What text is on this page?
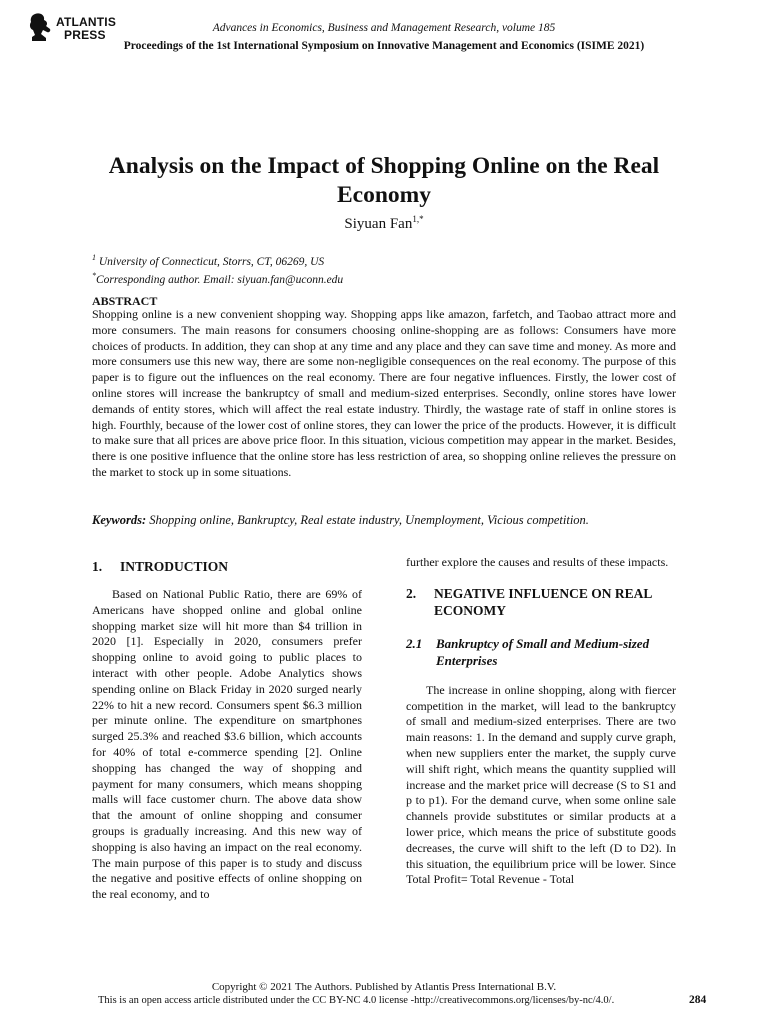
ATLANTIS
PRESS	Advances in Economics, Business and Management Research, volume 185
Proceedings of the 1st International Symposium on Innovative Management and Economics (ISIME 2021)
Analysis on the Impact of Shopping Online on the Real Economy
Siyuan Fan$^{1,*}$
$^1$ University of Connecticut, Storrs, CT, 06269, US
*Corresponding author. Email: siyuan.fan@uconn.edu
ABSTRACT

Shopping online is a new convenient shopping way. Shopping apps like amazon, farfetch, and Taobao attract more and more consumers. The main reasons for consumers choosing online-shopping are as follows: Consumers have more choices of products. In addition, they can shop at any time and any place and they can save time and money. As more and more consumers use this new way, there are some non-negligible consequences on the real economy. The purpose of this paper is to figure out the influences on the real economy. There are four negative influences. Firstly, the lower cost of online stores will increase the bankruptcy of small and medium-sized enterprises. Secondly, online stores have lower demands of entity stores, which will affect the real estate industry. Thirdly, the wastage rate of staff in online stores is high. Fourthly, because of the lower cost of online stores, they can lower the price of the products. However, it is difficult to make sure that all prices are above price floor. In this situation, vicious competition may appear in the market. Besides, there is one positive influence that the online store has less restriction of area, so shopping online relieves the pressure on the market to stock up in some situations.

Keywords: Shopping online, Bankruptcy, Real estate industry, Unemployment, Vicious competition.
1.	INTRODUCTION

Based on National Public Ratio, there are 69% of Americans have shopped online and global online shopping market size will hit more than $4 trillion in 2020 [1]. Especially in 2020, consumers prefer shopping online to avoid going to public places to interact with other people. Adobe Analytics shows spending online on Black Friday in 2020 surged nearly 22% to hit a new record. Consumers spent $6.3 million per minute online. The expenditure on smartphones surged 25.3% and reached $3.6 billion, which accounts for 40% of total e-commerce spending [2]. Online shopping has changed the way of shopping and payment for many consumers, which means shopping malls will face customer churn. The above data show that the amount of online shopping and consumer groups is gradually increasing. And this new way of shopping is also having an impact on the real economy. The main purpose of this paper is to study and discuss the negative and positive effects of online shopping on the real economy, and to

further explore the causes and results of these impacts.

2.	NEGATIVE INFLUENCE ON REAL ECONOMY
2.1	Bankruptcy of Small and Medium-sized Enterprises

The increase in online shopping, along with fiercer competition in the market, will lead to the bankruptcy of small and medium-sized enterprises. There are two main reasons: 1. In the demand and supply curve graph, when new suppliers enter the market, the supply curve will shift right, which means the quantity supplied will increase and the market price will decrease (S to S1 and p to p1). For the demand curve, when some online sale channels provide substitutes or similar products at a lower price, which means the price of substitute goods decreases, the curve will shift to the left (D to D2). In this situation, the equilibrium price will be lower. Since Total Profit= Total Revenue - Total

Copyright © 2021 The Authors. Published by Atlantis Press International B.V.
This is an open access article distributed under the CC BY-NC 4.0 license -http://creativecommons.org/licenses/by-nc/4.0/.	284
